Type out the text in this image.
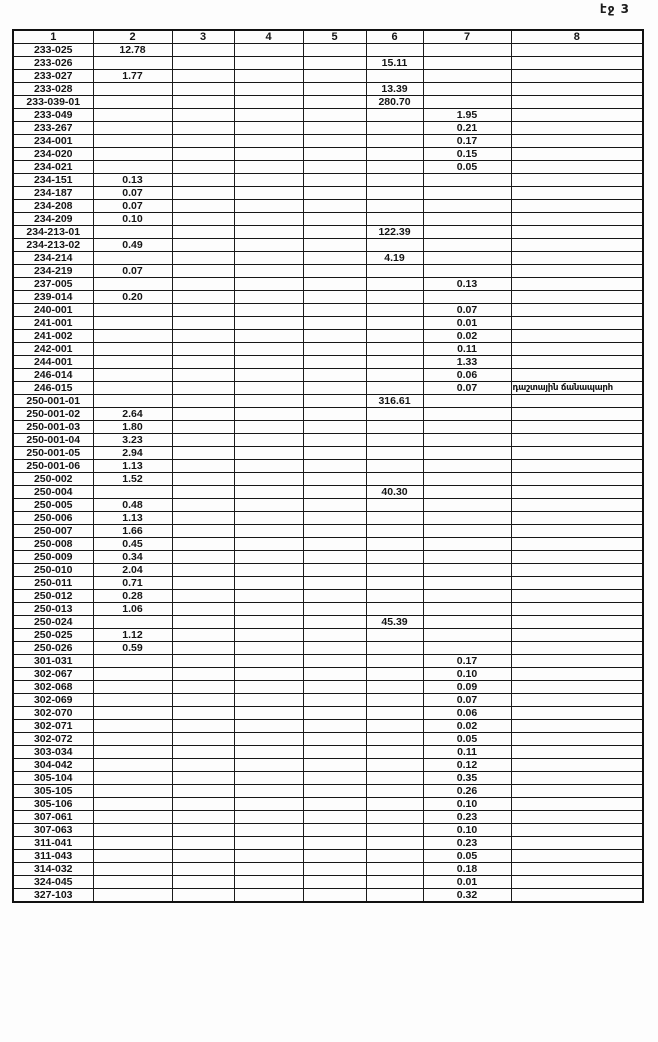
էջ 3
1	2	3	4	5	6	7	8
233-025	12.78						
233-026					15.11		
233-027	1.77						
233-028					13.39		
233-039-01					280.70		
233-049						1.95	
233-267						0.21	
234-001						0.17	
234-020						0.15	
234-021						0.05	
234-151	0.13						
234-187	0.07						
234-208	0.07						
234-209	0.10						
234-213-01					122.39		
234-213-02	0.49						
234-214					4.19		
234-219	0.07						
237-005						0.13	
239-014	0.20						
240-001						0.07	
241-001						0.01	
241-002						0.02	
242-001						0.11	
244-001						1.33	
246-014						0.06	
246-015						0.07	դաշտային ճանապարհ
250-001-01					316.61		
250-001-02	2.64						
250-001-03	1.80						
250-001-04	3.23						
250-001-05	2.94						
250-001-06	1.13						
250-002	1.52						
250-004					40.30		
250-005	0.48						
250-006	1.13						
250-007	1.66						
250-008	0.45						
250-009	0.34						
250-010	2.04						
250-011	0.71						
250-012	0.28						
250-013	1.06						
250-024					45.39		
250-025	1.12						
250-026	0.59						
301-031						0.17	
302-067						0.10	
302-068						0.09	
302-069						0.07	
302-070						0.06	
302-071						0.02	
302-072						0.05	
303-034						0.11	
304-042						0.12	
305-104						0.35	
305-105						0.26	
305-106						0.10	
307-061						0.23	
307-063						0.10	
311-041						0.23	
311-043						0.05	
314-032						0.18	
324-045						0.01	
327-103						0.32	
